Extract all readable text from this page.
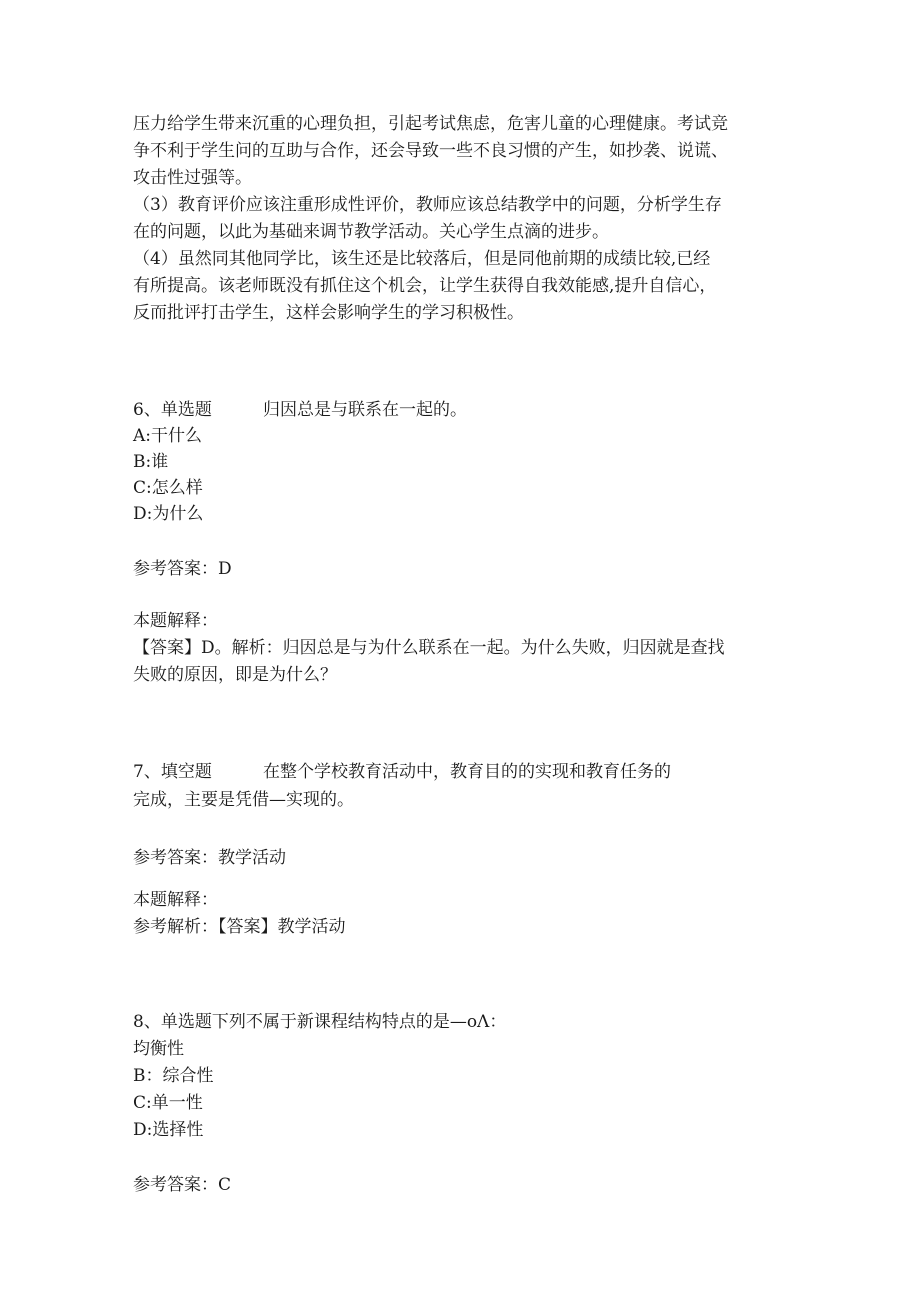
压力给学生带来沉重的心理负担，引起考试焦虑，危害儿童的心理健康。考试竞
争不利于学生问的互助与合作，还会导致一些不良习惯的产生，如抄袭、说谎、
攻击性过强等。
（3）教育评价应该注重形成性评价，教师应该总结教学中的问题，分析学生存
在的问题，以此为基础来调节教学活动。关心学生点滴的进步。
（4）虽然同其他同学比，该生还是比较落后，但是同他前期的成绩比较,已经
有所提高。该老师既没有抓住这个机会，让学生获得自我效能感,提升自信心，
反而批评打击学生，这样会影响学生的学习积极性。
6、单选题	归因总是与联系在一起的。
A:干什么
B:谁
C:怎么样
D:为什么
参考答案：D
本题解释：
【答案】D。解析：归因总是与为什么联系在一起。为什么失败，归因就是查找
失败的原因，即是为什么？
7、填空题	在整个学校教育活动中，教育目的的实现和教育任务的
完成，主要是凭借—实现的。
参考答案：教学活动
本题解释：
参考解析：【答案】教学活动
8、单选题下列不属于新课程结构特点的是—oΛ：
均衡性
B：综合性
C:单一性
D:选择性
参考答案：C
